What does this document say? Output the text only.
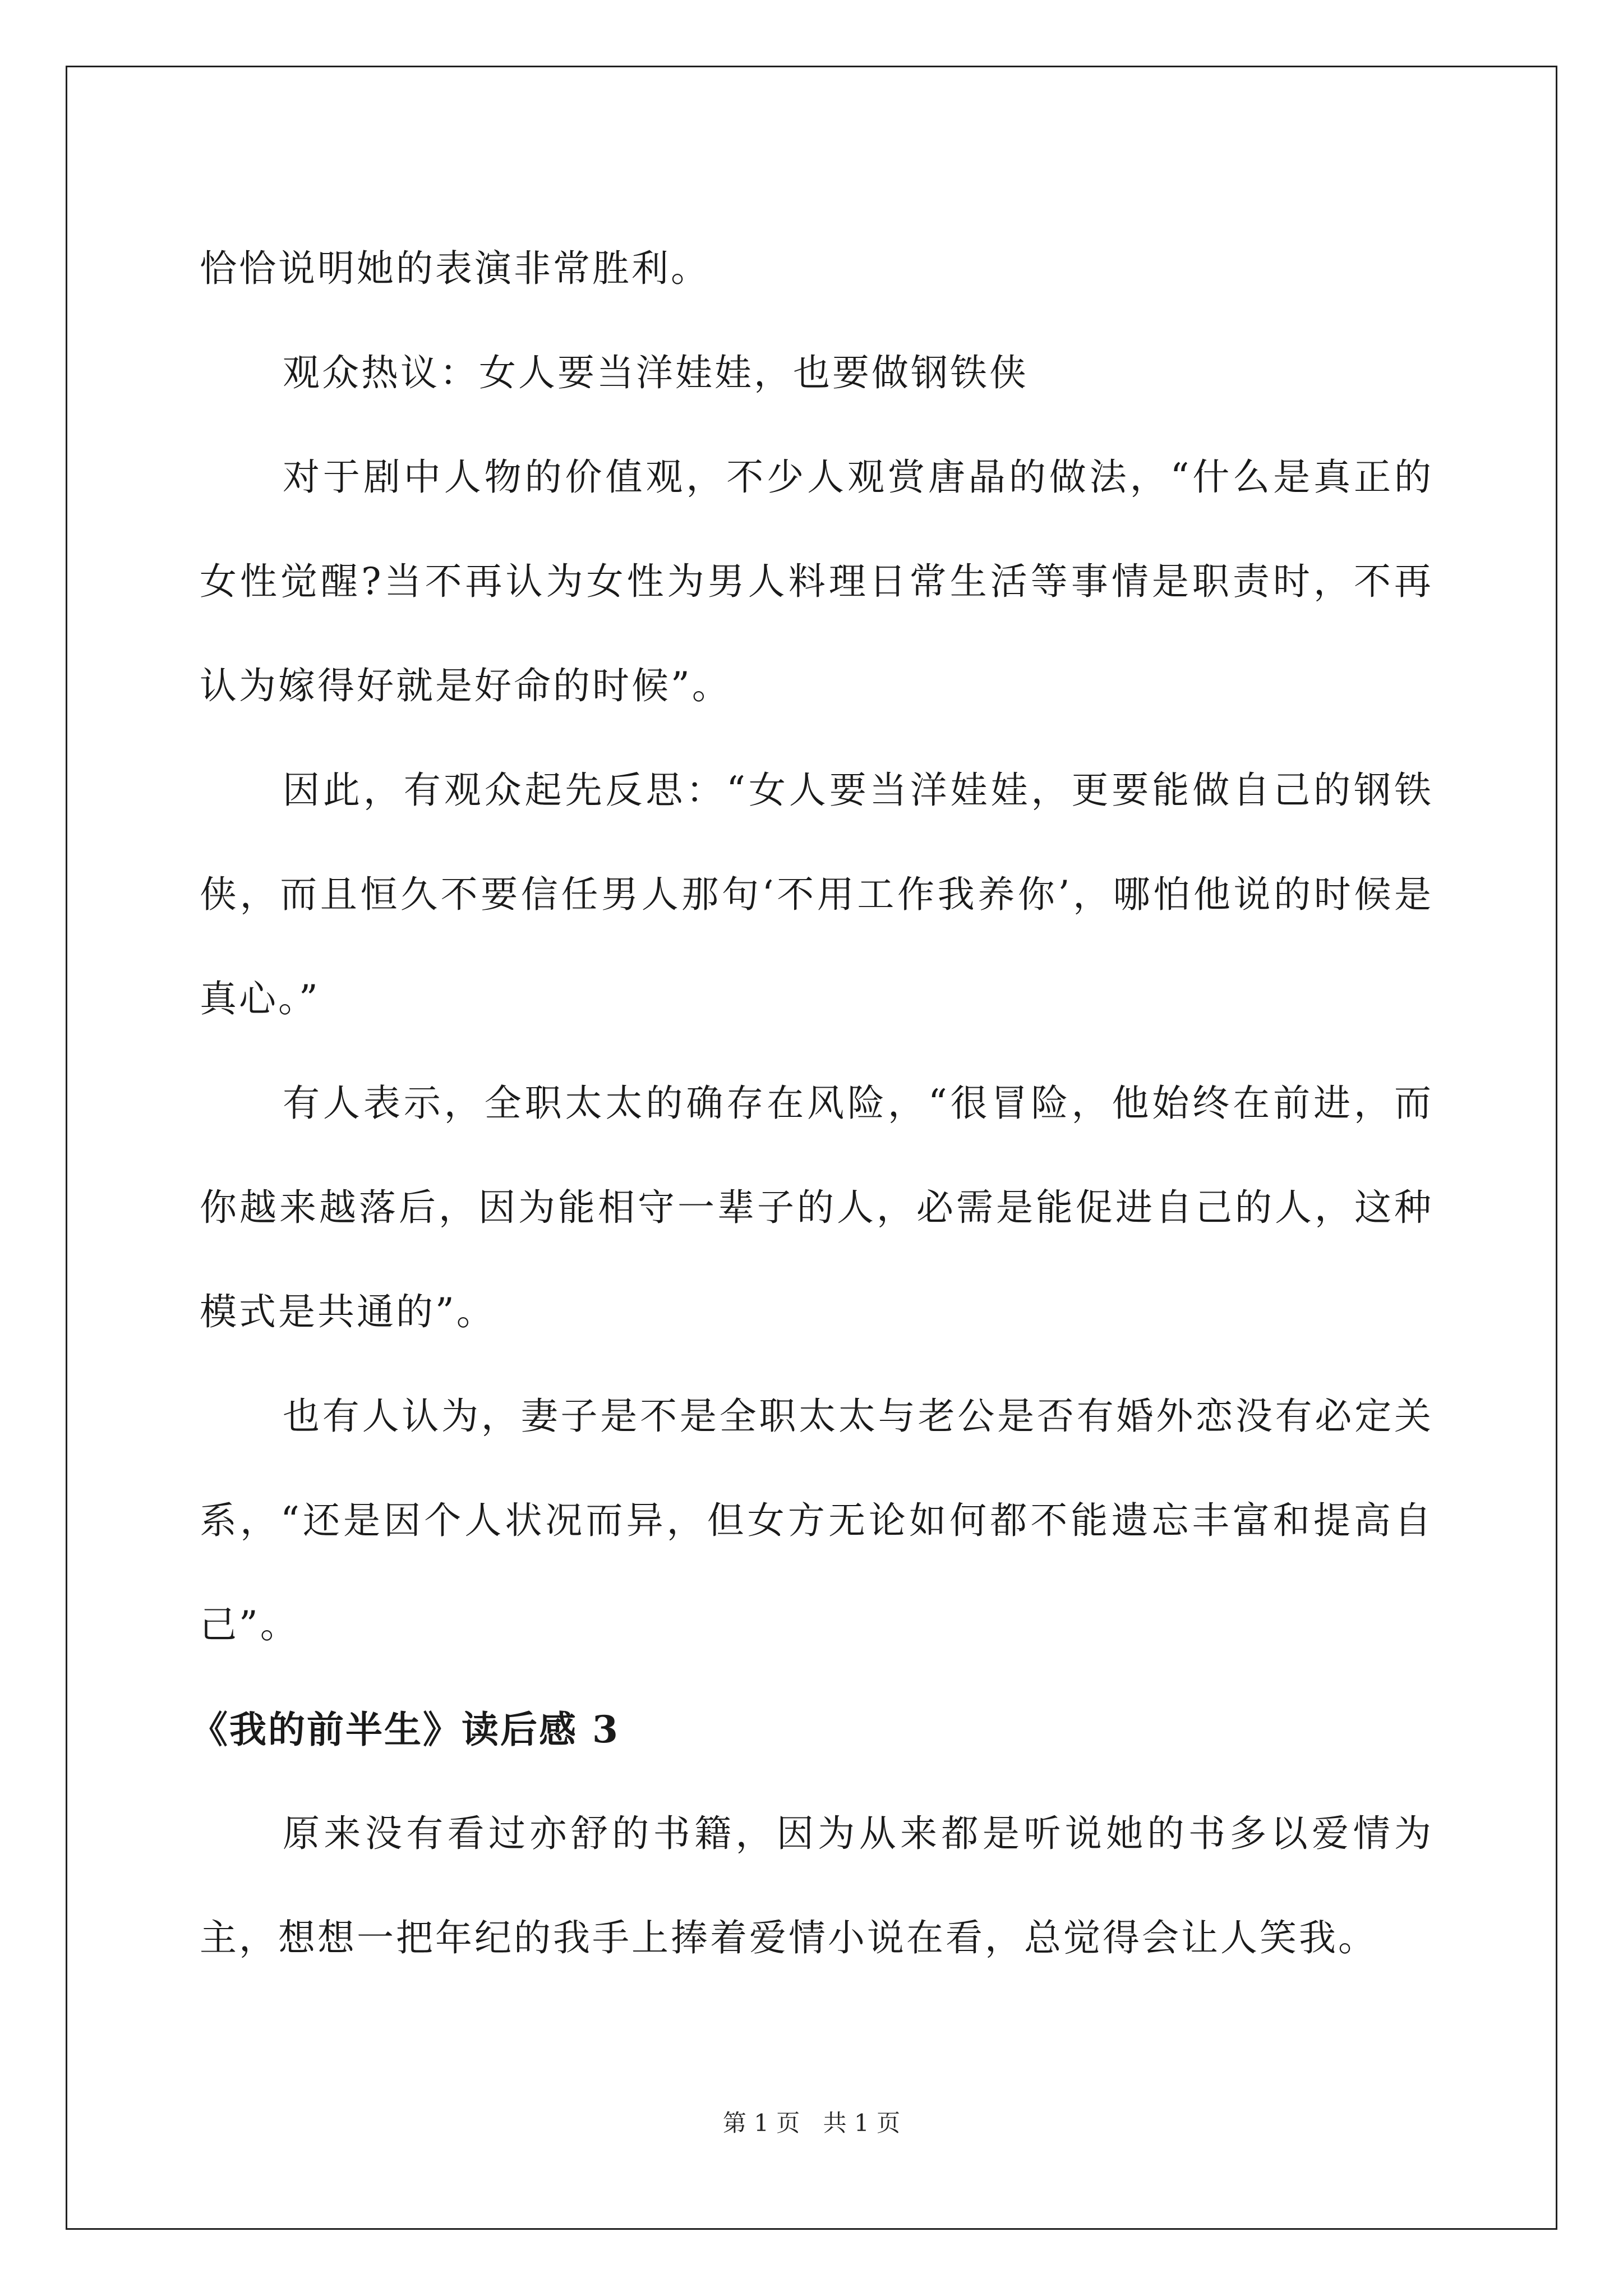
恰恰说明她的表演非常胜利。

观众热议：女人要当洋娃娃，也要做钢铁侠

对于剧中人物的价值观，不少人观赏唐晶的做法，“什么是真正的女性觉醒?当不再认为女性为男人料理日常生活等事情是职责时，不再认为嫁得好就是好命的时候”。

因此，有观众起先反思：“女人要当洋娃娃，更要能做自己的钢铁侠，而且恒久不要信任男人那句‘不用工作我养你’，哪怕他说的时候是真心。”

有人表示，全职太太的确存在风险，“很冒险，他始终在前进，而你越来越落后，因为能相守一辈子的人，必需是能促进自己的人，这种模式是共通的”。

也有人认为，妻子是不是全职太太与老公是否有婚外恋没有必定关系，“还是因个人状况而异，但女方无论如何都不能遗忘丰富和提高自己”。

《我的前半生》读后感 3

原来没有看过亦舒的书籍，因为从来都是听说她的书多以爱情为主，想想一把年纪的我手上捧着爱情小说在看，总觉得会让人笑我。

第 1 页 共 1 页
